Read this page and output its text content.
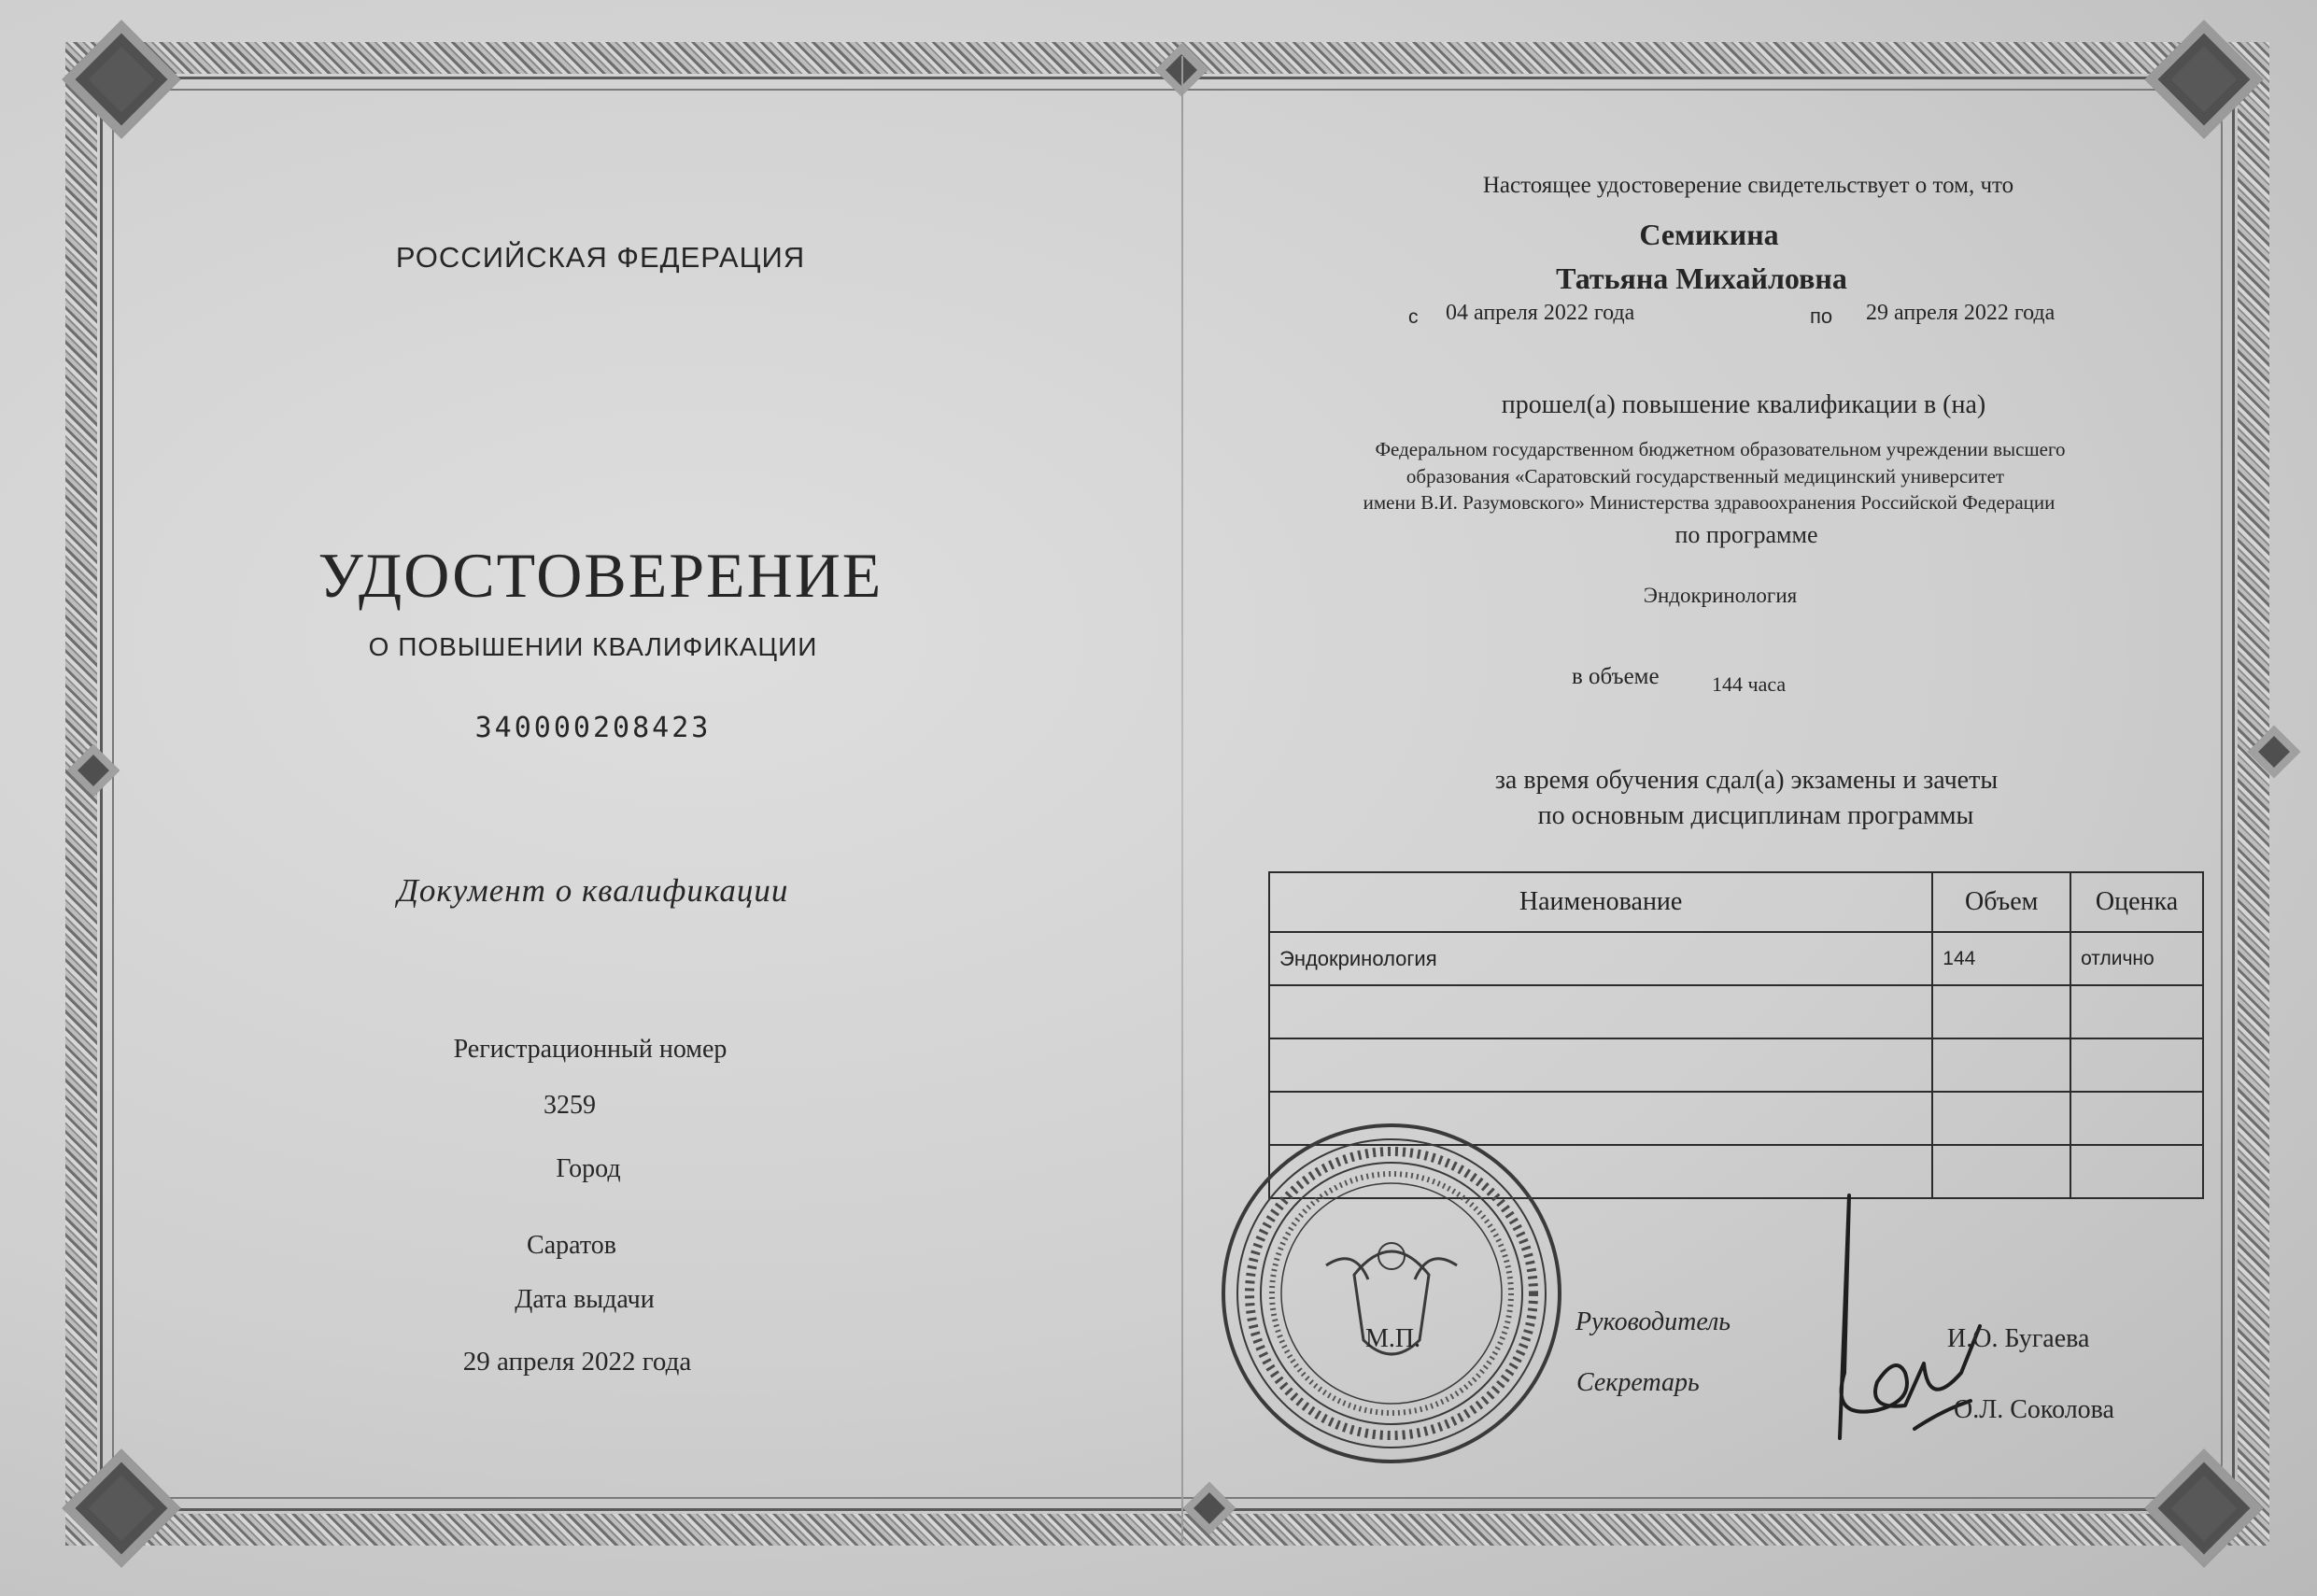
РОССИЙСКАЯ ФЕДЕРАЦИЯ
УДОСТОВЕРЕНИЕ
О ПОВЫШЕНИИ КВАЛИФИКАЦИИ
340000208423
Документ о квалификации
Регистрационный номер
3259
Город
Саратов
Дата выдачи
29 апреля 2022 года
Настоящее удостоверение свидетельствует о том, что
Семикина
Татьяна Михайловна
с 04 апреля 2022 года	по 29 апреля 2022 года
прошел(а) повышение квалификации в (на)
Федеральном государственном бюджетном образовательном учреждении высшего
образования «Саратовский государственный медицинский университет
имени В.И. Разумовского» Министерства здравоохранения Российской Федерации
по программе
Эндокринология
в объеме	144 часа
за время обучения сдал(а) экзамены и зачеты
по основным дисциплинам программы
Наименование	Объем	Оценка
Эндокринология	144	отлично

М.П.
Руководитель
Секретарь
И.О. Бугаева
О.Л. Соколова
